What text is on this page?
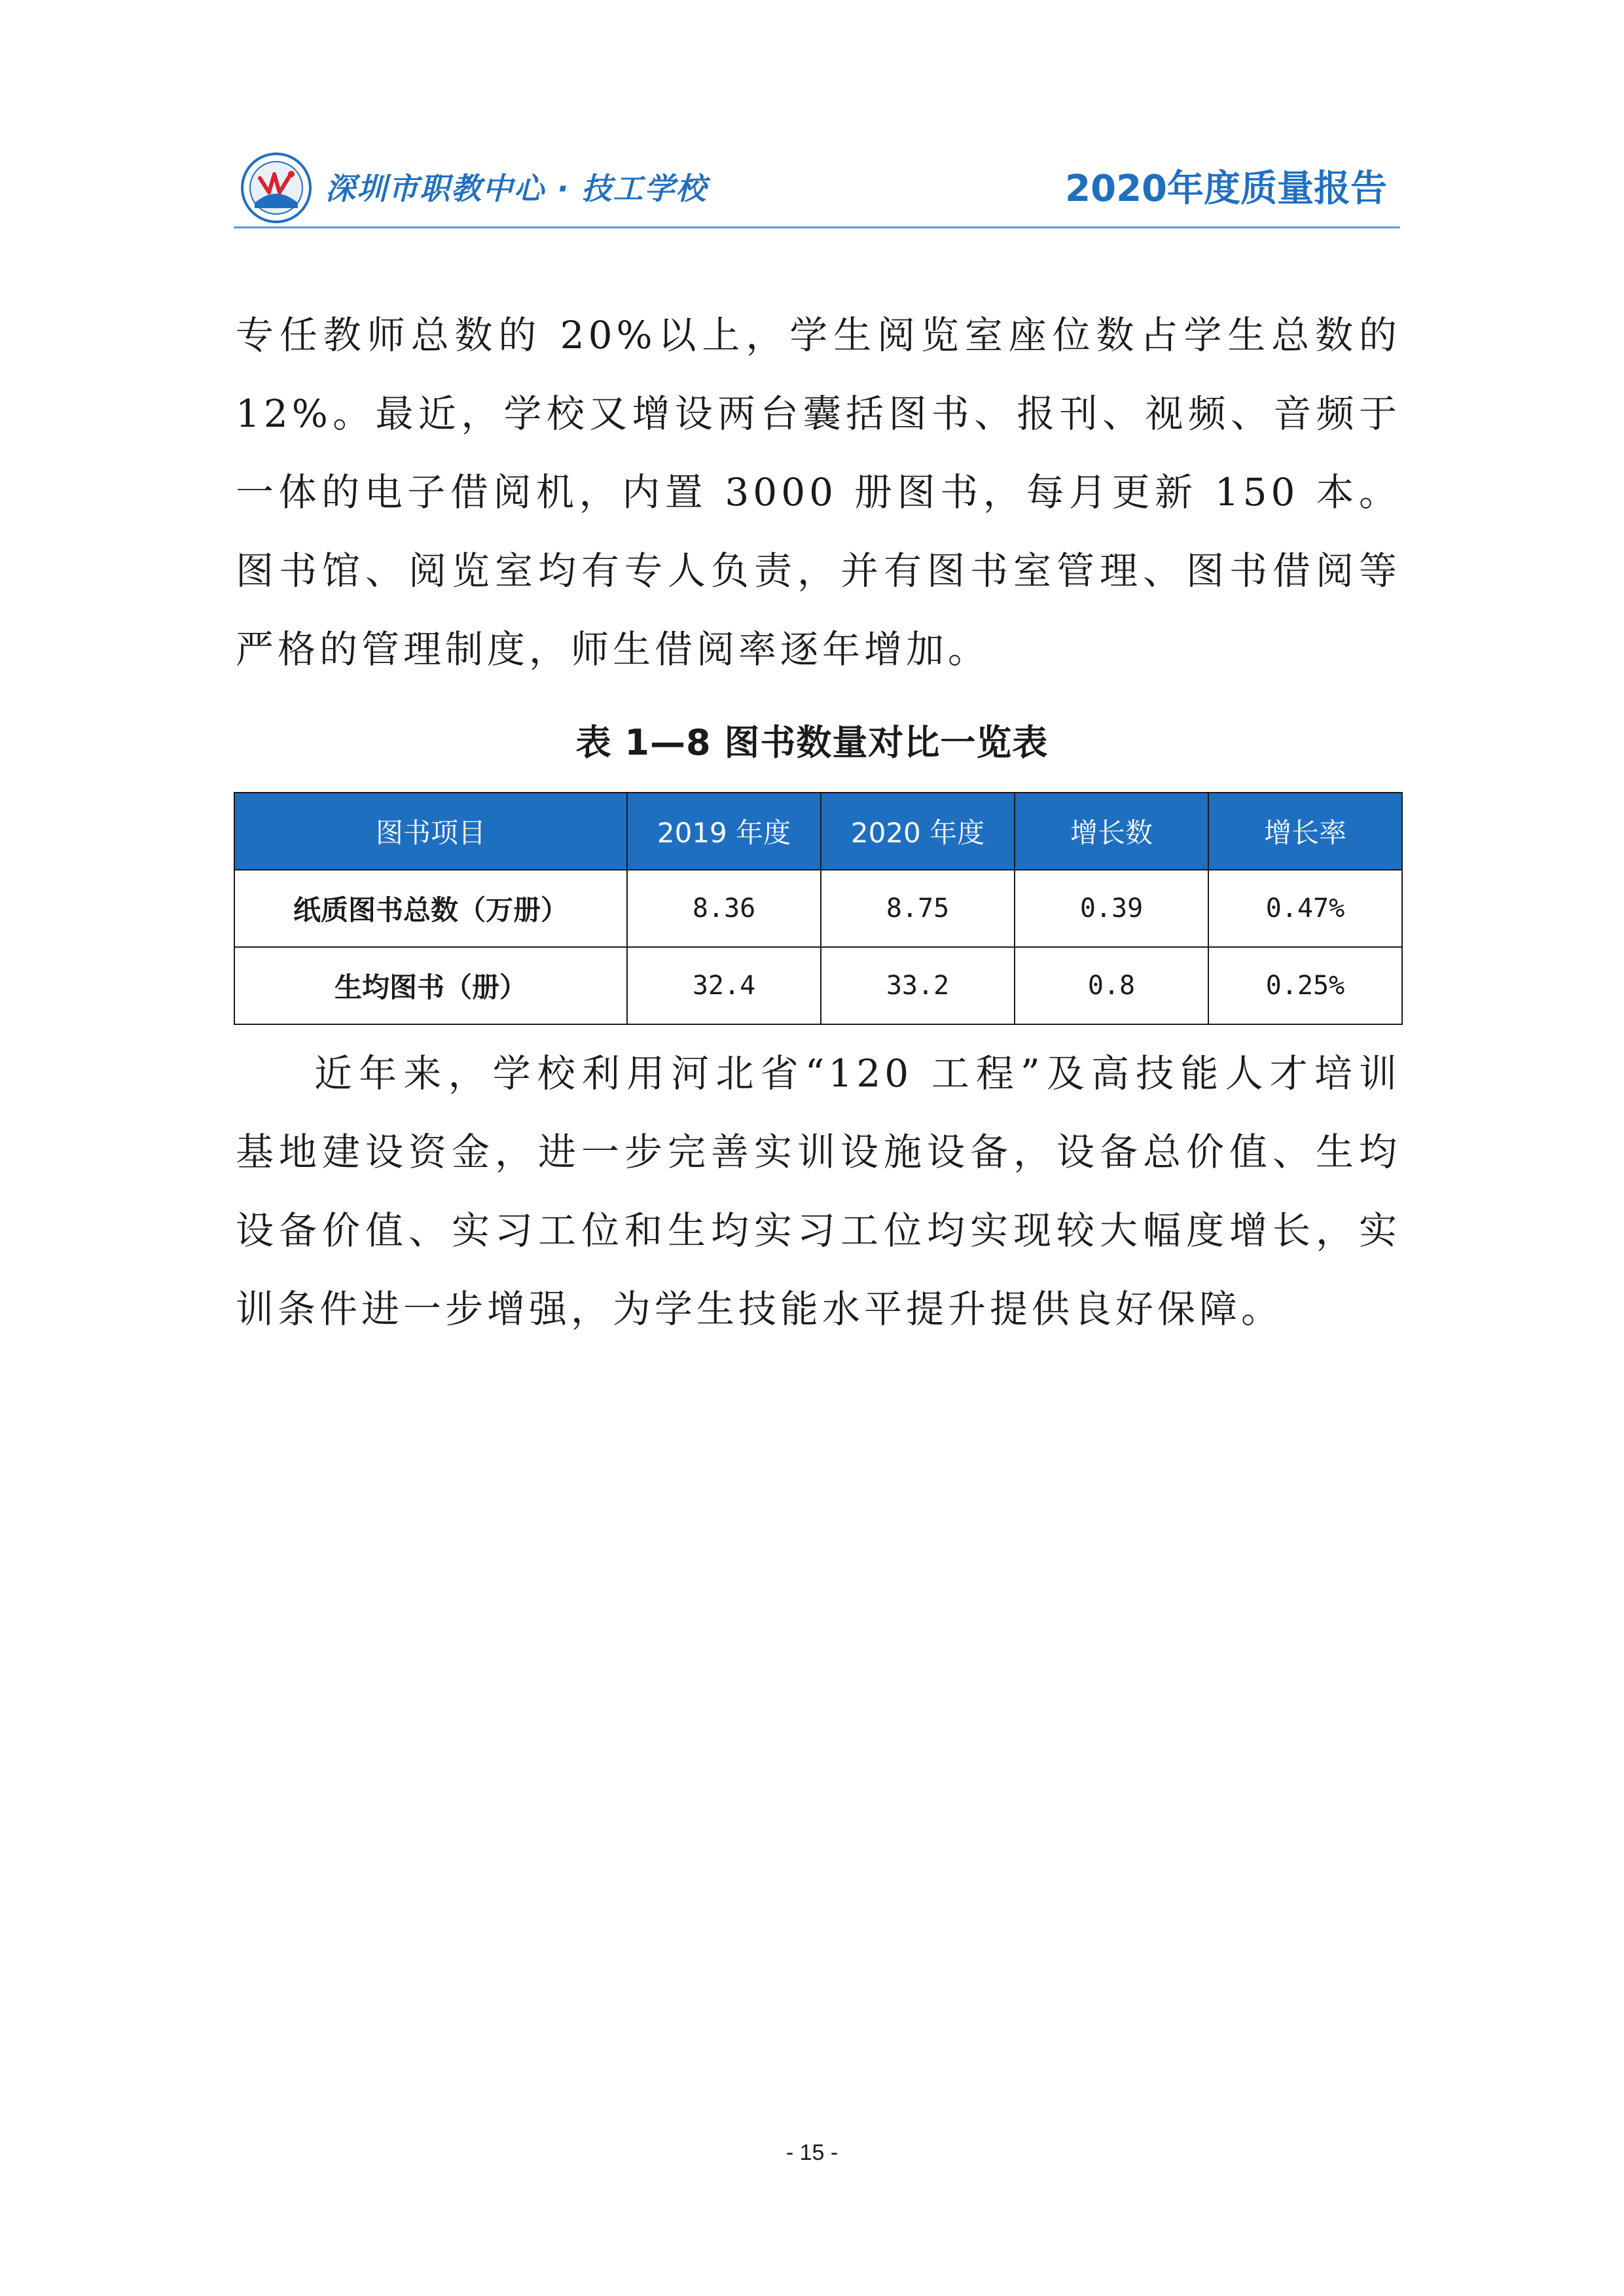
深圳市职教中心 · 技工学校	2020年度质量报告

专任教师总数的 20%以上，学生阅览室座位数占学生总数的

12%。最近，学校又增设两台囊括图书、报刊、视频、音频于

一体的电子借阅机，内置 3000 册图书，每月更新 150 本。

图书馆、阅览室均有专人负责，并有图书室管理、图书借阅等

严格的管理制度，师生借阅率逐年增加。

表 1—8 图书数量对比一览表
图书项目	2019 年度	2020 年度	增长数	增长率
纸质图书总数（万册）	8.36	8.75	0.39	0.47%
生均图书（册）	32.4	33.2	0.8	0.25%

近年来，学校利用河北省“120 工程”及高技能人才培训

基地建设资金，进一步完善实训设施设备，设备总价值、生均

设备价值、实习工位和生均实习工位均实现较大幅度增长，实

训条件进一步增强，为学生技能水平提升提供良好保障。

- 15 -
